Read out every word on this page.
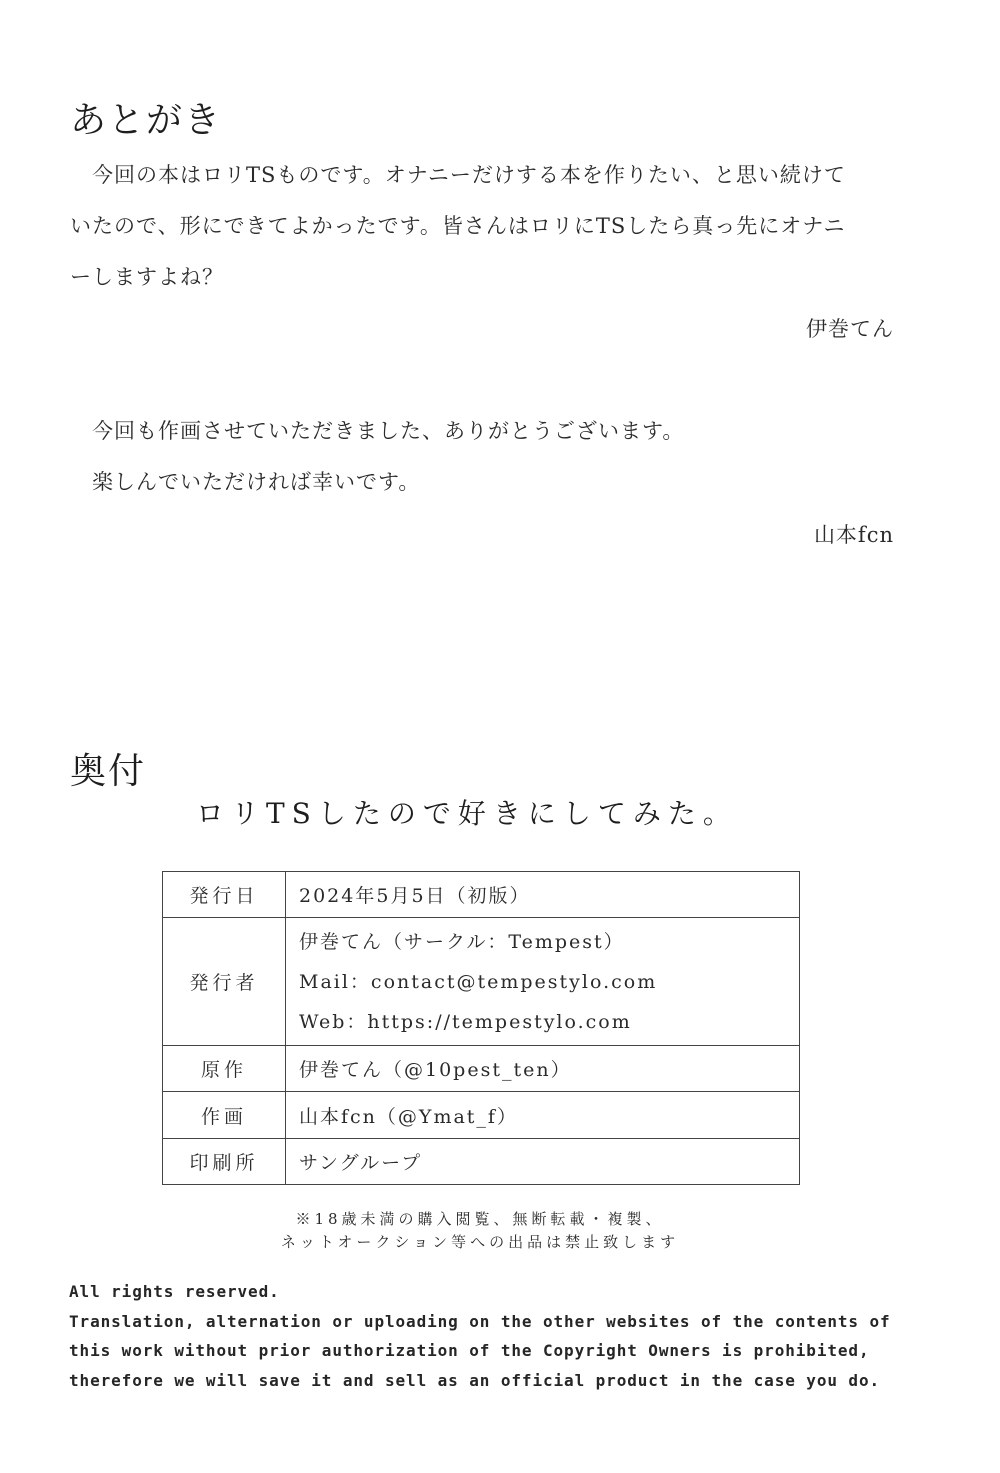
あとがき
　今回の本はロリTSものです。オナニーだけする本を作りたい、と思い続けて
いたので、形にできてよかったです。皆さんはロリにTSしたら真っ先にオナニ
ーしますよね？
伊巻てん
　今回も作画させていただきました、ありがとうございます。
　楽しんでいただければ幸いです。
山本fcn
奥付
ロリTSしたので好きにしてみた。
発行日	2024年5月5日（初版）

発行者	伊巻てん（サークル：Tempest）
Mail：contact@tempestylo.com
Web：https://tempestylo.com

原作	伊巻てん（@10pest_ten）

作画	山本fcn（@Ymat_f）

印刷所	サングループ
※18歳未満の購入閲覧、無断転載・複製、
ネットオークション等への出品は禁止致します
All rights reserved.
Translation, alternation or uploading on the other websites of the contents of
this work without prior authorization of the Copyright Owners is prohibited,
therefore we will save it and sell as an official product in the case you do.
